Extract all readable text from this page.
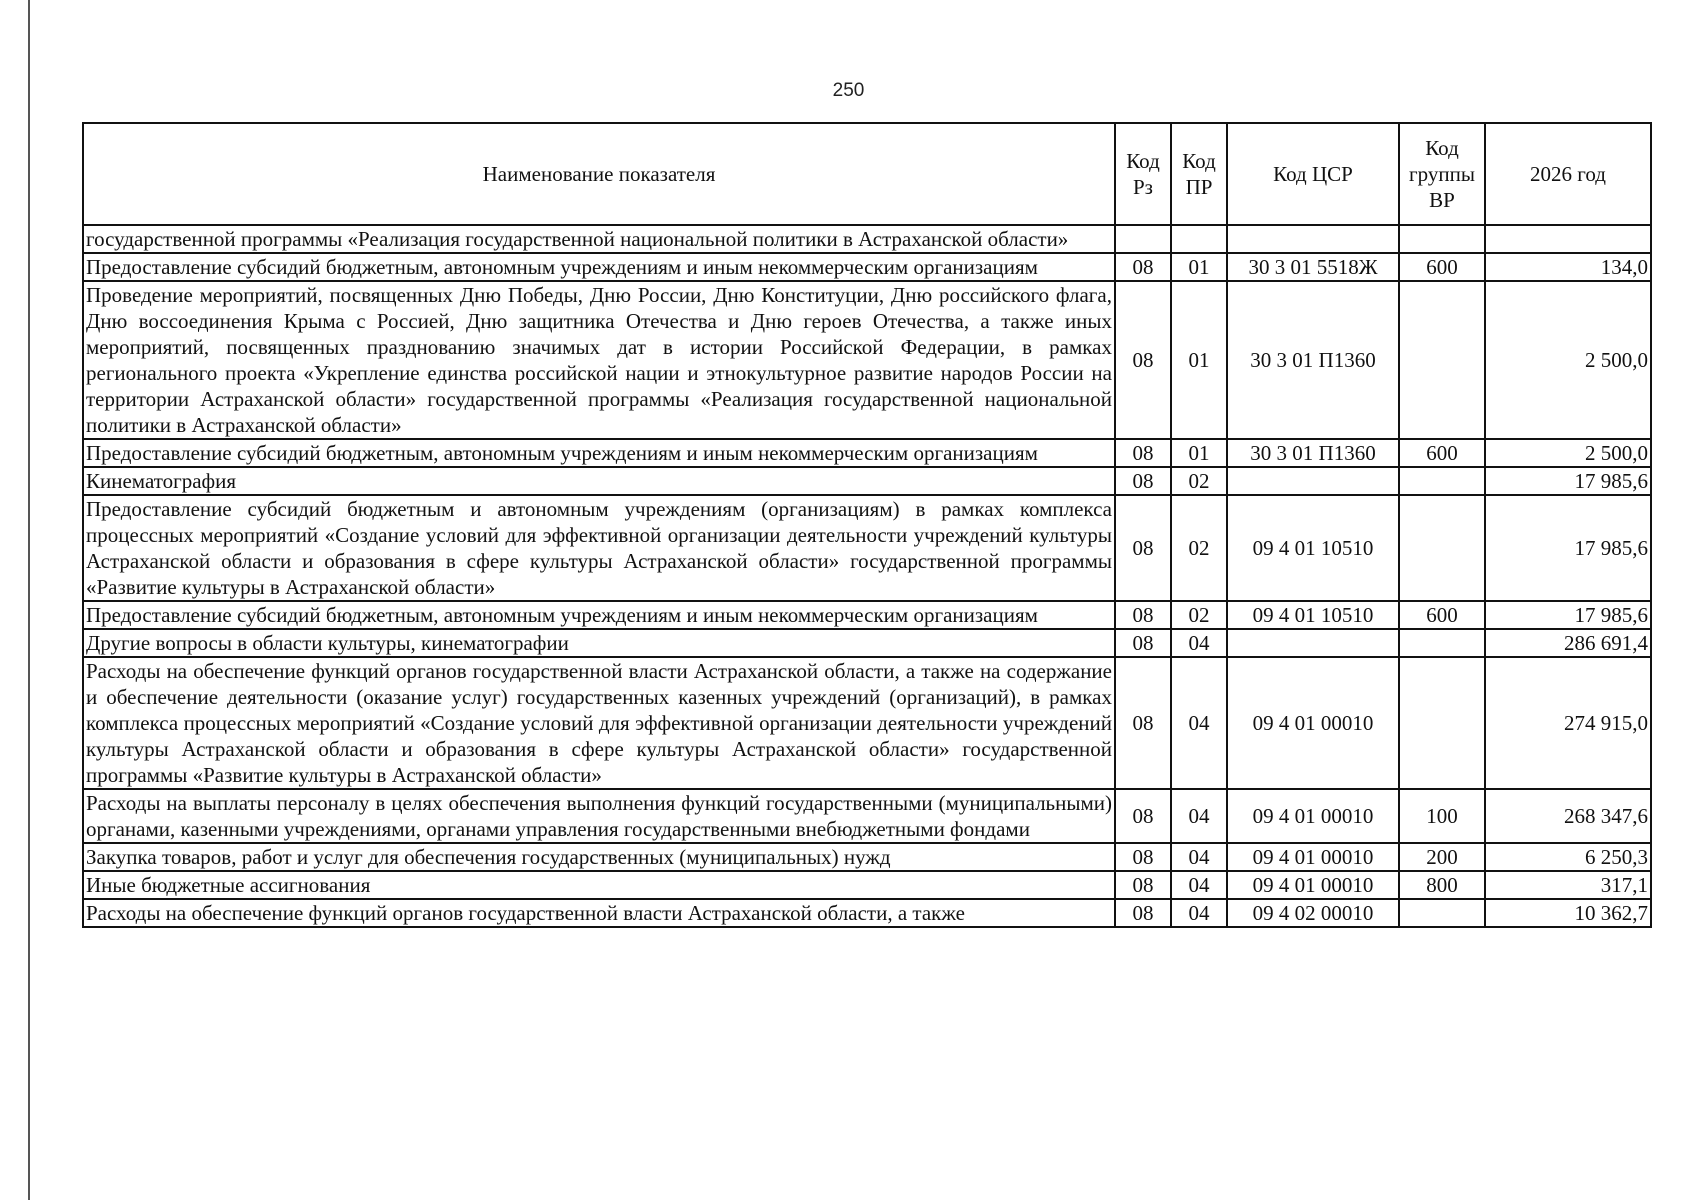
250
Наименование показателя	Код Рз	Код ПР	Код ЦСР	Код группы ВР	2026 год
государственной программы «Реализация государственной национальной политики в Астраханской области»					
Предоставление субсидий бюджетным, автономным учреждениям и иным некоммерческим организациям	08	01	30 3 01 5518Ж	600	134,0
Проведение мероприятий, посвященных Дню Победы, Дню России, Дню Конституции, Дню российского флага, Дню воссоединения Крыма с Россией, Дню защитника Отечества и Дню героев Отечества, а также иных мероприятий, посвященных празднованию значимых дат в истории Российской Федерации, в рамках регионального проекта «Укрепление единства российской нации и этнокультурное развитие народов России на территории Астраханской области» государственной программы «Реализация государственной национальной политики в Астраханской области»	08	01	30 3 01 П1360		2 500,0
Предоставление субсидий бюджетным, автономным учреждениям и иным некоммерческим организациям	08	01	30 3 01 П1360	600	2 500,0
Кинематография	08	02			17 985,6
Предоставление субсидий бюджетным и автономным учреждениям (организациям) в рамках комплекса процессных мероприятий «Создание условий для эффективной организации деятельности учреждений культуры Астраханской области и образования в сфере культуры Астраханской области» государственной программы «Развитие культуры в Астраханской области»	08	02	09 4 01 10510		17 985,6
Предоставление субсидий бюджетным, автономным учреждениям и иным некоммерческим организациям	08	02	09 4 01 10510	600	17 985,6
Другие вопросы в области культуры, кинематографии	08	04			286 691,4
Расходы на обеспечение функций органов государственной власти Астраханской области, а также на содержание и обеспечение деятельности (оказание услуг) государственных казенных учреждений (организаций), в рамках комплекса процессных мероприятий «Создание условий для эффективной организации деятельности учреждений культуры Астраханской области и образования в сфере культуры Астраханской области» государственной программы «Развитие культуры в Астраханской области»	08	04	09 4 01 00010		274 915,0
Расходы на выплаты персоналу в целях обеспечения выполнения функций государственными (муниципальными) органами, казенными учреждениями, органами управления государственными внебюджетными фондами	08	04	09 4 01 00010	100	268 347,6
Закупка товаров, работ и услуг для обеспечения государственных (муниципальных) нужд	08	04	09 4 01 00010	200	6 250,3
Иные бюджетные ассигнования	08	04	09 4 01 00010	800	317,1
Расходы на обеспечение функций органов государственной власти Астраханской области, а также	08	04	09 4 02 00010		10 362,7
